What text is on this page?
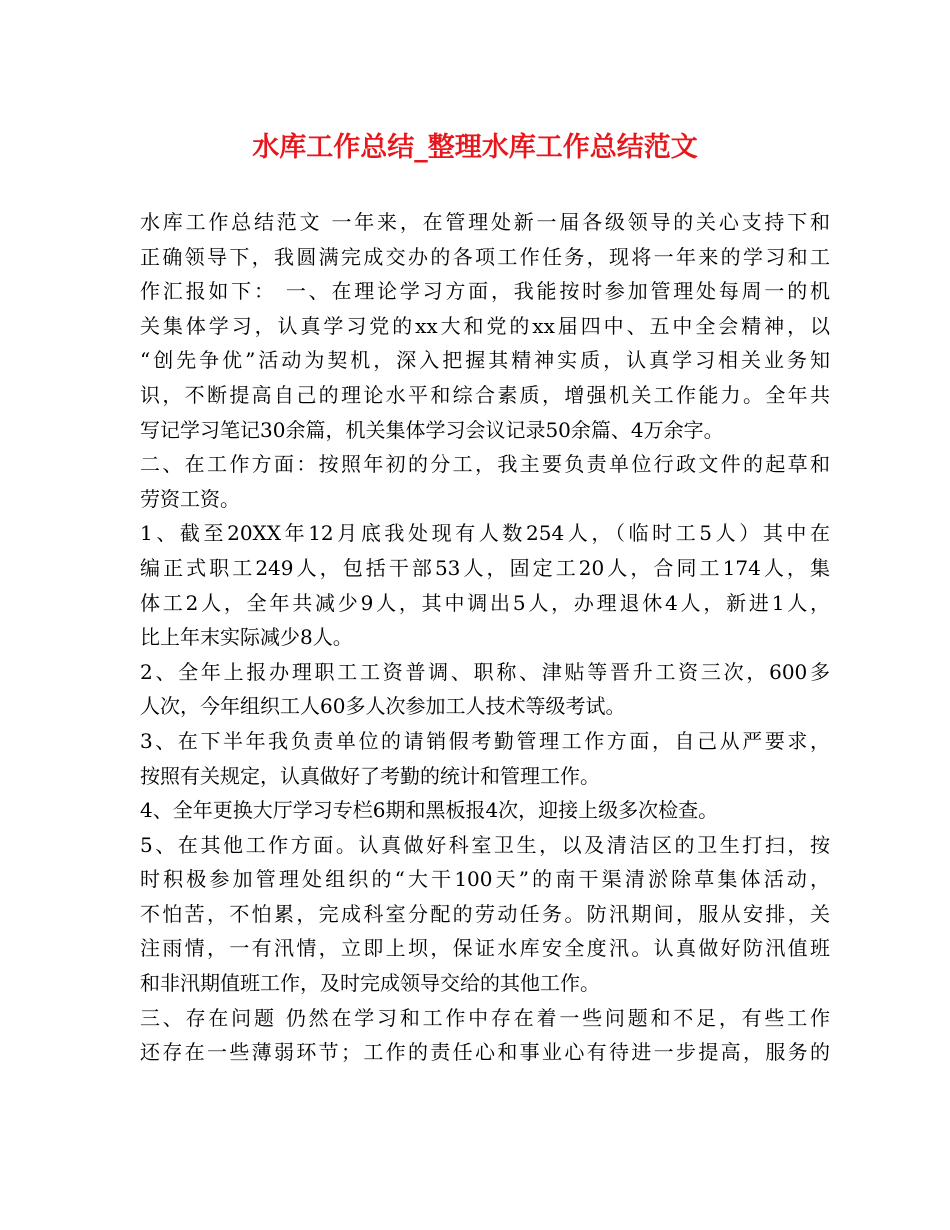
水库工作总结_整理水库工作总结范文
水库工作总结范文 一年来，在管理处新一届各级领导的关心支持下和
正确领导下，我圆满完成交办的各项工作任务，现将一年来的学习和工
作汇报如下： 一、在理论学习方面，我能按时参加管理处每周一的机
关集体学习，认真学习党的xx大和党的xx届四中、五中全会精神，以
“创先争优”活动为契机，深入把握其精神实质，认真学习相关业务知
识，不断提高自己的理论水平和综合素质，增强机关工作能力。全年共
写记学习笔记30余篇，机关集体学习会议记录50余篇、4万余字。
二、在工作方面：按照年初的分工，我主要负责单位行政文件的起草和
劳资工资。
1、截至20XX年12月底我处现有人数254人，（临时工5人）其中在
编正式职工249人，包括干部53人，固定工20人，合同工174人，集
体工2人，全年共减少9人，其中调出5人，办理退休4人，新进1人，
比上年末实际减少8人。
2、全年上报办理职工工资普调、职称、津贴等晋升工资三次，600多
人次，今年组织工人60多人次参加工人技术等级考试。
3、在下半年我负责单位的请销假考勤管理工作方面，自己从严要求，
按照有关规定，认真做好了考勤的统计和管理工作。
4、全年更换大厅学习专栏6期和黑板报4次，迎接上级多次检查。
5、在其他工作方面。认真做好科室卫生，以及清洁区的卫生打扫，按
时积极参加管理处组织的“大干100天”的南干渠清淤除草集体活动，
不怕苦，不怕累，完成科室分配的劳动任务。防汛期间，服从安排，关
注雨情，一有汛情，立即上坝，保证水库安全度汛。认真做好防汛值班
和非汛期值班工作，及时完成领导交给的其他工作。
三、存在问题 仍然在学习和工作中存在着一些问题和不足，有些工作
还存在一些薄弱环节；工作的责任心和事业心有待进一步提高，服务的
